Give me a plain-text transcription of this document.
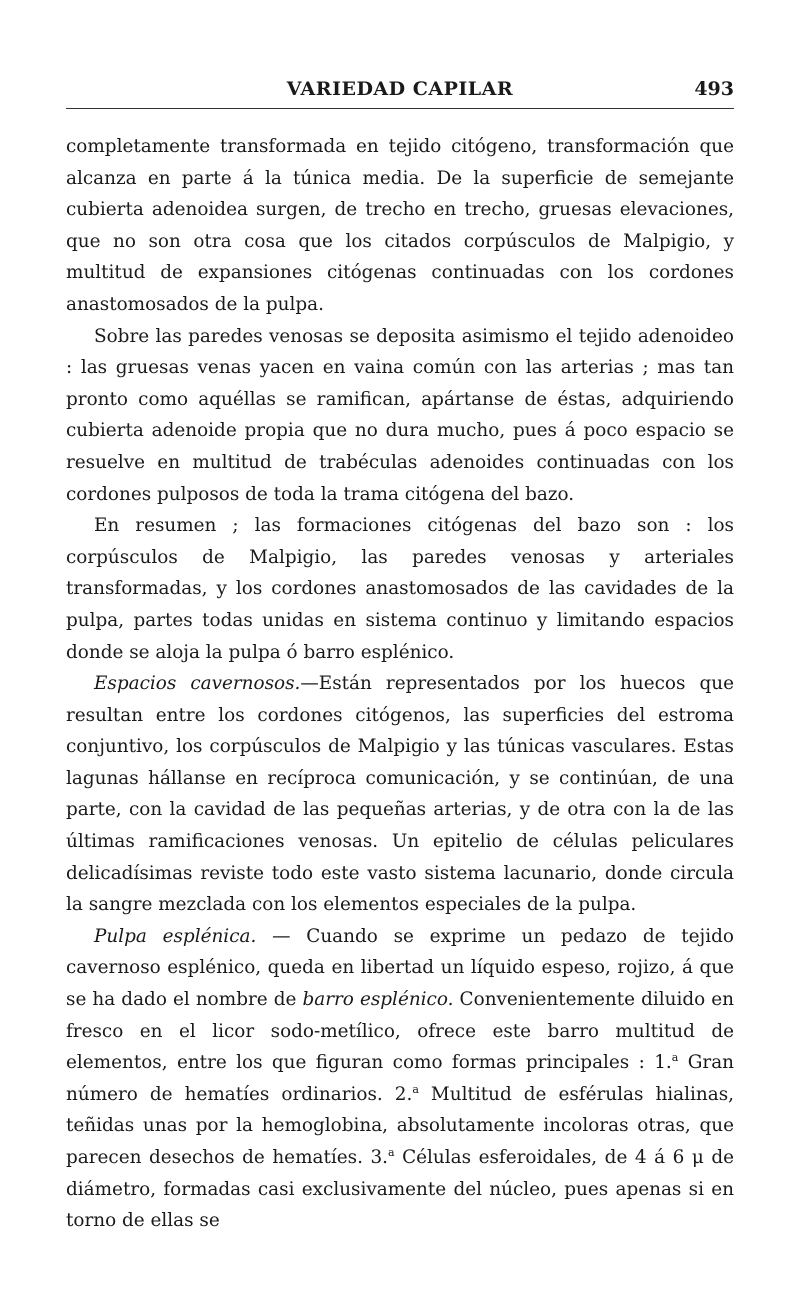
VARIEDAD CAPILAR	493

completamente transformada en tejido citógeno, transformación que alcanza en parte á la túnica media. De la superficie de semejante cubierta adenoidea surgen, de trecho en trecho, gruesas elevaciones, que no son otra cosa que los citados corpúsculos de Malpigio, y multitud de expansiones citógenas continuadas con los cordones anastomosados de la pulpa.

Sobre las paredes venosas se deposita asimismo el tejido adenoideo : las gruesas venas yacen en vaina común con las arterias ; mas tan pronto como aquéllas se ramifican, apártanse de éstas, adquiriendo cubierta adenoide propia que no dura mucho, pues á poco espacio se resuelve en multitud de trabéculas adenoides continuadas con los cordones pulposos de toda la trama citógena del bazo.

En resumen ; las formaciones citógenas del bazo son : los corpúsculos de Malpigio, las paredes venosas y arteriales transformadas, y los cordones anastomosados de las cavidades de la pulpa, partes todas unidas en sistema continuo y limitando espacios donde se aloja la pulpa ó barro esplénico.

Espacios cavernosos.—Están representados por los huecos que resultan entre los cordones citógenos, las superficies del estroma conjuntivo, los corpúsculos de Malpigio y las túnicas vasculares. Estas lagunas hállanse en recíproca comunicación, y se continúan, de una parte, con la cavidad de las pequeñas arterias, y de otra con la de las últimas ramificaciones venosas. Un epitelio de células peliculares delicadísimas reviste todo este vasto sistema lacunario, donde circula la sangre mezclada con los elementos especiales de la pulpa.

Pulpa esplénica. — Cuando se exprime un pedazo de tejido cavernoso esplénico, queda en libertad un líquido espeso, rojizo, á que se ha dado el nombre de barro esplénico. Convenientemente diluido en fresco en el licor sodo-metílico, ofrece este barro multitud de elementos, entre los que figuran como formas principales : 1.$^a$ Gran número de hematíes ordinarios. 2.$^a$ Multitud de esférulas hialinas, teñidas unas por la hemoglobina, absolutamente incoloras otras, que parecen desechos de hematíes. 3.$^a$ Células esferoidales, de 4 á 6 μ de diámetro, formadas casi exclusivamente del núcleo, pues apenas si en torno de ellas se
